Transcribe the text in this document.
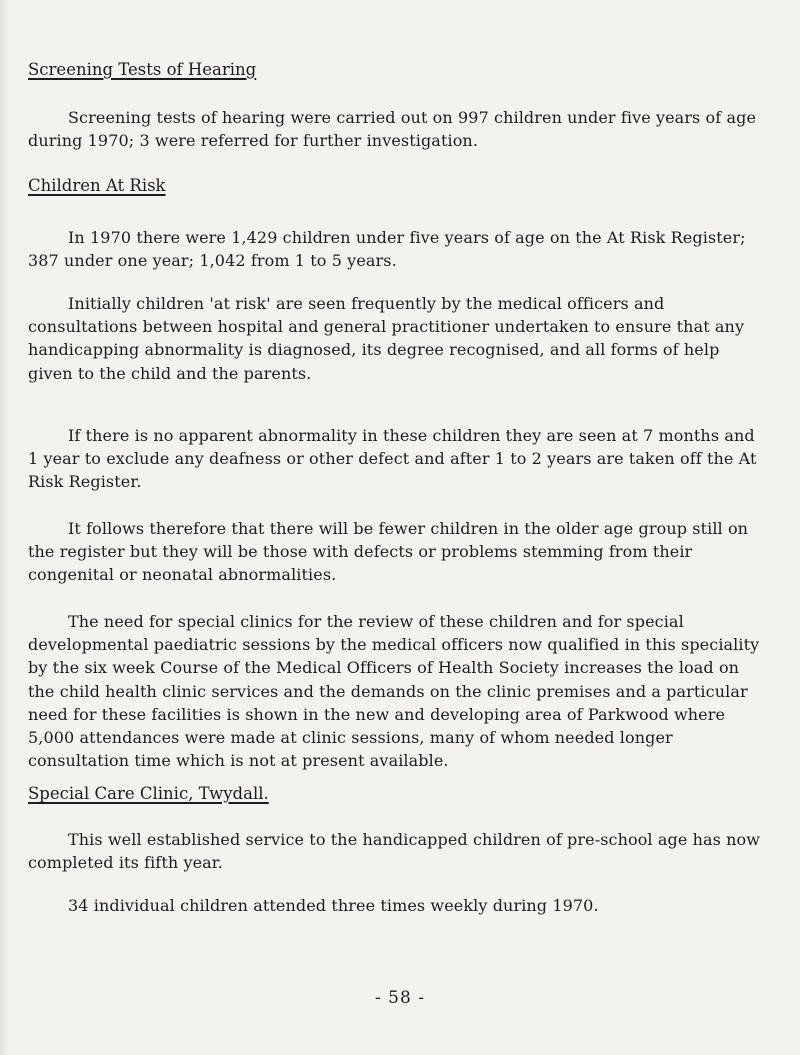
Screening Tests of Hearing
Screening tests of hearing were carried out on 997 children under five years of age during 1970; 3 were referred for further investigation.
Children At Risk
In 1970 there were 1,429 children under five years of age on the At Risk Register; 387 under one year; 1,042 from 1 to 5 years.
Initially children 'at risk' are seen frequently by the medical officers and consultations between hospital and general practitioner undertaken to ensure that any handicapping abnormality is diagnosed, its degree recognised, and all forms of help given to the child and the parents.
If there is no apparent abnormality in these children they are seen at 7 months and 1 year to exclude any deafness or other defect and after 1 to 2 years are taken off the At Risk Register.
It follows therefore that there will be fewer children in the older age group still on the register but they will be those with defects or problems stemming from their congenital or neonatal abnormalities.
The need for special clinics for the review of these children and for special developmental paediatric sessions by the medical officers now qualified in this speciality by the six week Course of the Medical Officers of Health Society increases the load on the child health clinic services and the demands on the clinic premises and a particular need for these facilities is shown in the new and developing area of Parkwood where 5,000 attendances were made at clinic sessions, many of whom needed longer consultation time which is not at present available.
Special Care Clinic, Twydall.
This well established service to the handicapped children of pre-school age has now completed its fifth year.
34 individual children attended three times weekly during 1970.
- 58 -
